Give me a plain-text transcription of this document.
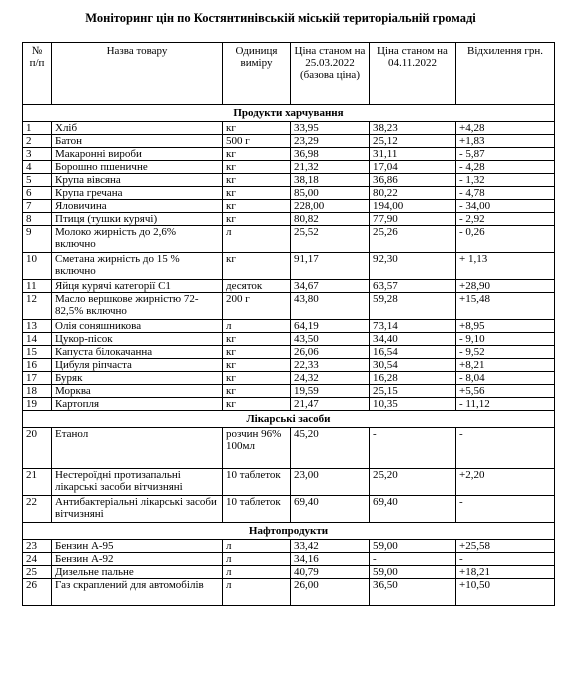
Моніторинг цін по Костянтинівській міській територіальній громаді
№ п/п	Назва товару	Одиниця виміру	Ціна станом на 25.03.2022 (базова ціна)	Ціна станом на 04.11.2022	Відхилення грн.
Продукти харчування					
1	Хліб	кг	33,95	38,23	+4,28
2	Батон	500 г	23,29	25,12	+1,83
3	Макаронні вироби	кг	36,98	31,11	- 5,87
4	Борошно пшеничне	кг	21,32	17,04	- 4,28
5	Крупа вівсяна	кг	38,18	36,86	- 1,32
6	Крупа гречана	кг	85,00	80,22	- 4,78
7	Яловичина	кг	228,00	194,00	- 34,00
8	Птиця (тушки курячі)	кг	80,82	77,90	- 2,92
9	Молоко жирність до 2,6% включно	л	25,52	25,26	- 0,26
10	Сметана жирність до 15 % включно	кг	91,17	92,30	+ 1,13
11	Яйця курячі категорії С1	десяток	34,67	63,57	+28,90
12	Масло вершкове жирністю 72-82,5% включно	200 г	43,80	59,28	+15,48
13	Олія соняшникова	л	64,19	73,14	+8,95
14	Цукор-пісок	кг	43,50	34,40	- 9,10
15	Капуста білокачанна	кг	26,06	16,54	- 9,52
16	Цибуля ріпчаста	кг	22,33	30,54	+8,21
17	Буряк	кг	24,32	16,28	- 8,04
18	Морква	кг	19,59	25,15	+5,56
19	Картопля	кг	21,47	10,35	- 11,12
Лікарські засоби					
20	Етанол	розчин 96% 100мл	45,20	-	-
21	Нестероїдні протизапальні лікарські засоби вітчизняні	10 таблеток	23,00	25,20	+2,20
22	Антибактеріальні лікарські засоби вітчизняні	10 таблеток	69,40	69,40	-
Нафтопродукти					
23	Бензин А-95	л	33,42	59,00	+25,58
24	Бензин А-92	л	34,16	-	-
25	Дизельне пальне	л	40,79	59,00	+18,21
26	Газ скраплений для автомобілів	л	26,00	36,50	+10,50
